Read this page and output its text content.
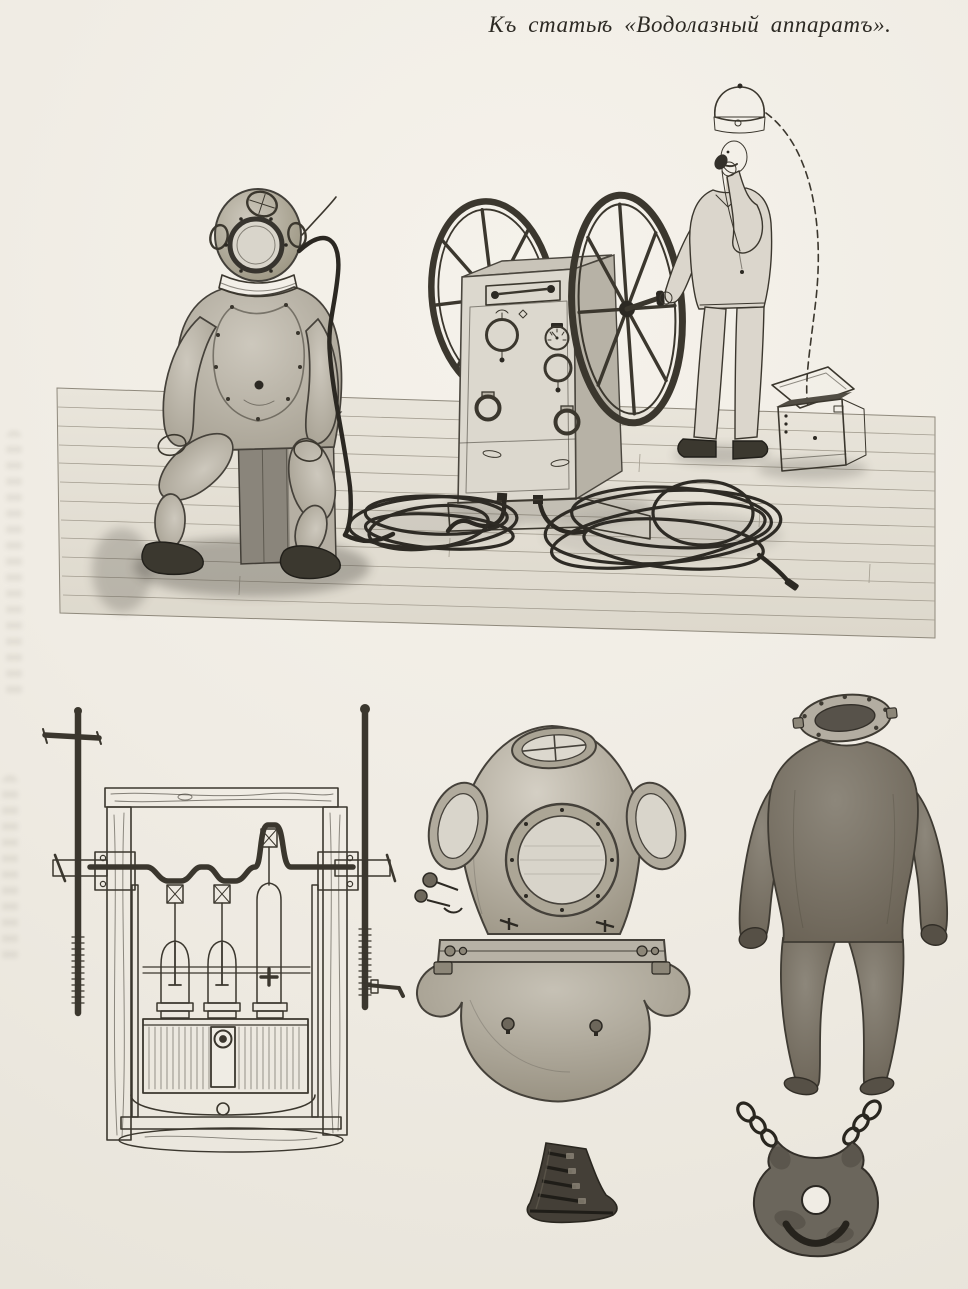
Къ статьѣ «Водолазный аппаратъ».
